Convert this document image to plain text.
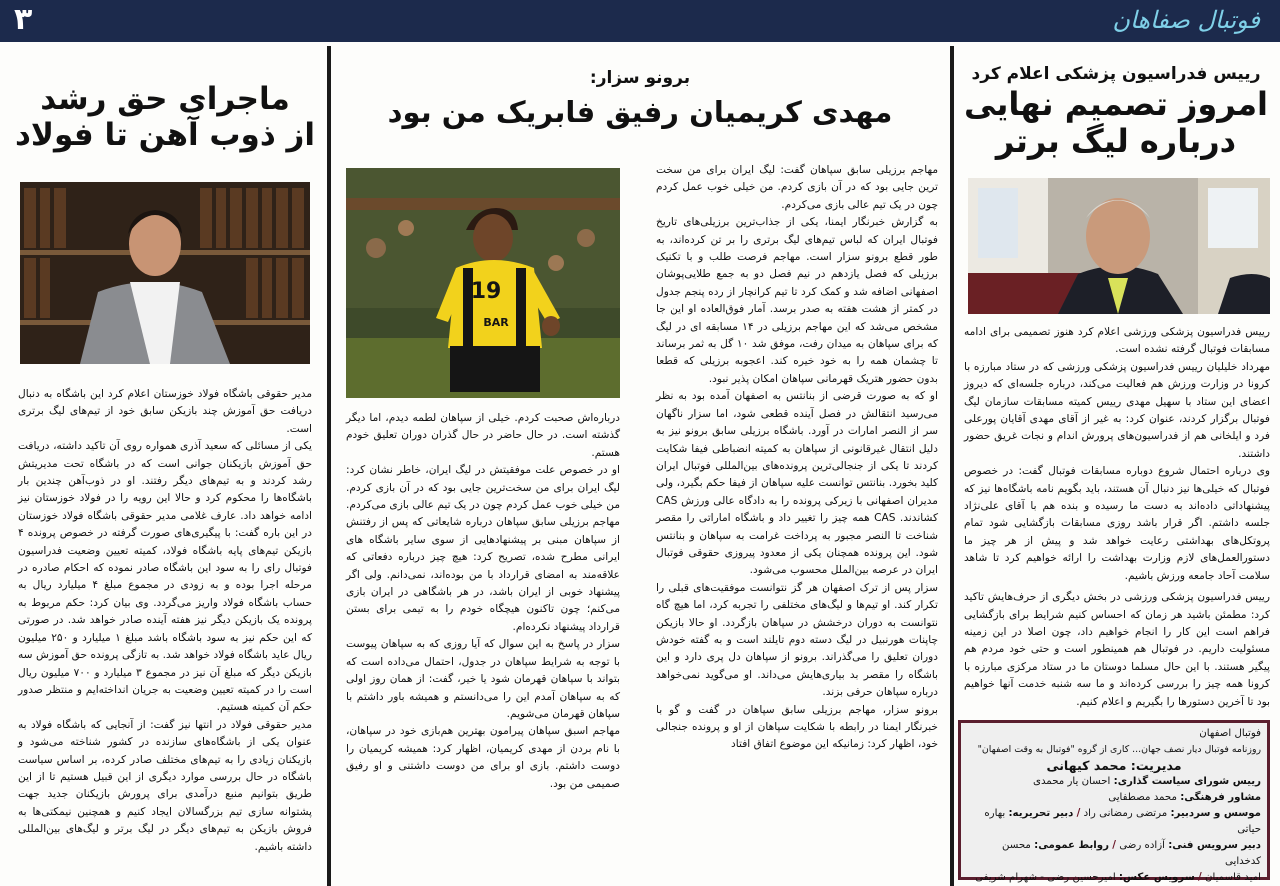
۳	فوتبال صفاهان
رییس فدراسیون پزشکی اعلام کرد
امروز تصمیم نهایی
درباره لیگ برتر

رییس فدراسیون پزشکی ورزشی اعلام کرد هنوز تصمیمی برای ادامه مسابقات فوتبال گرفته نشده است.

مهرداد خلیلیان رییس فدراسیون پزشکی ورزشی که در ستاد مبارزه با کرونا در وزارت ورزش هم فعالیت می‌کند، درباره جلسه‌ای که دیروز اعضای این ستاد با سهیل مهدی رییس کمیته مسابقات سازمان لیگ فوتبال برگزار کردند، عنوان کرد: به غیر از آقای مهدی آقایان پورعلی فرد و ایلخانی هم از فدراسیون‌های پرورش اندام و نجات غریق حضور داشتند.

وی درباره احتمال شروع دوباره مسابقات فوتبال گفت: در خصوص فوتبال که خیلی‌ها نیز دنبال آن هستند، باید بگویم نامه باشگاه‌ها نیز که پیشنهاداتی داده‌اند به دست ما رسیده و بنده هم با آقای علی‌نژاد جلسه داشتم. اگر قرار باشد روزی مسابقات بازگشایی شود تمام پروتکل‌های بهداشتی رعایت خواهد شد و پیش از هر چیز ما دستورالعمل‌های لازم وزارت بهداشت را ارائه خواهیم کرد تا شاهد سلامت آحاد جامعه ورزش باشیم.

رییس فدراسیون پزشکی ورزشی در بخش دیگری از حرف‌هایش تاکید کرد: مطمئن باشید هر زمان که احساس کنیم شرایط برای بازگشایی فراهم است این کار را انجام خواهیم داد، چون اصلا در این زمینه مسئولیت داریم. در فوتبال هم همینطور است و حتی خود مردم هم پیگیر هستند. با این حال مسلما دوستان ما در ستاد مرکزی مبارزه با کرونا همه چیز را بررسی کرده‌اند و ما سه شنبه خدمت آنها خواهیم بود تا آخرین دستورها را بگیریم و اعلام کنیم.

فوتبال اصفهان
روزنامه فوتبال دیار نصف جهان... کاری از گروه "فوتبال به وقت اصفهان"
مدیریت: محمد کیهانی
رییس شورای سیاست گذاری: احسان یار محمدی
مشاور فرهنگی: محمد مصطفایی
موسس و سردبیر: مرتضی رمضانی راد / دبیر تحریریه: بهاره حیاتی
دبیر سرویس فنی: آزاده رضی / روابط عمومی: محسن کدخدایی
امید قاسمیان / سرویس عکس: امیرحسین رضی - شهرام شریفی
برونو سزار:
مهدی کریمیان رفیق فابریک من بود

مهاجم برزیلی سابق سپاهان گفت: لیگ ایران برای من سخت ترین جایی بود که در آن بازی کردم. من خیلی خوب عمل کردم چون در یک تیم عالی بازی می‌کردم.

به گزارش خبرنگار ایمنا، یکی از جذاب‌ترین برزیلی‌های تاریخ فوتبال ایران که لباس تیم‌های لیگ برتری را بر تن کرده‌اند، به طور قطع برونو سزار است. مهاجم فرصت طلب و با تکنیک برزیلی که فصل یازدهم در نیم فصل دو به جمع طلایی‌پوشان اصفهانی اضافه شد و کمک کرد تا تیم کرانچار از رده پنجم جدول در کمتر از هشت هفته به صدر برسد. آمار فوق‌العاده او این جا مشخص می‌شد که این مهاجم برزیلی در ۱۴ مسابقه ای در لیگ که برای سپاهان به میدان رفت، موفق شد ۱۰ گل به ثمر برساند تا چشمان همه را به خود خیره کند. اعجوبه برزیلی که قطعا بدون حضور هتریک قهرمانی سپاهان امکان پذیر نبود.

او که به صورت قرضی از بنانتس به اصفهان آمده بود به نظر می‌رسید انتقالش در فصل آینده قطعی شود، اما سزار ناگهان سر از النصر امارات در آورد. باشگاه برزیلی سابق برونو نیز به دلیل انتقال غیرقانونی از سپاهان به کمیته انضباطی فیفا شکایت کردند تا یکی از جنجالی‌ترین پرونده‌های بین‌المللی فوتبال ایران کلید بخورد. بنانتس توانست علیه سپاهان از فیفا حکم بگیرد، ولی مدیران اصفهانی با زیرکی پرونده را به دادگاه عالی ورزش CAS کشاندند. CAS همه چیز را تغییر داد و باشگاه اماراتی را مقصر شناخت تا النصر مجبور به پرداخت غرامت به سپاهان و بنانتس شود. این پرونده همچنان یکی از معدود پیروزی حقوقی فوتبال ایران در عرصه بین‌الملل محسوب می‌شود.

سزار پس از ترک اصفهان هر گز نتوانست موفقیت‌های قبلی را تکرار کند. او تیم‌ها و لیگ‌های مختلفی را تجربه کرد، اما هیچ گاه نتوانست به دوران درخشش در سپاهان بازگردد. او حالا بازیکن چاپنات هورنبیل در لیگ دسته دوم تایلند است و به گفته خودش دوران تعلیق را می‌گذراند. برونو از سپاهان دل پری دارد و این باشگاه را مقصر بد بیاری‌هایش می‌داند. او می‌گوید نمی‌خواهد درباره سپاهان حرفی بزند.

برونو سزار، مهاجم برزیلی سابق سپاهان در گفت و گو با خبرنگار ایمنا در رابطه با شکایت سپاهان از او و پرونده جنجالی خود، اظهار کرد: زمانیکه این موضوع اتفاق افتاد

19
BAR

درباره‌اش صحبت کردم. خیلی از سپاهان لطمه دیدم، اما دیگر گذشته است. در حال حاضر در حال گذران دوران تعلیق خودم هستم.

او در خصوص علت موفقیتش در لیگ ایران، خاطر نشان کرد: لیگ ایران برای من سخت‌ترین جایی بود که در آن بازی کردم. من خیلی خوب عمل کردم چون در یک تیم عالی بازی می‌کردم.

مهاجم برزیلی سابق سپاهان درباره شایعاتی که پس از رفتنش از سپاهان مبنی بر پیشنهادهایی از سوی سایر باشگاه های ایرانی مطرح شده، تصریح کرد: هیچ چیز درباره دفعاتی که علاقه‌مند به امضای قرارداد با من بوده‌اند، نمی‌دانم. ولی اگر پیشنهاد خوبی از ایران باشد، در هر باشگاهی در ایران بازی می‌کنم؛ چون تاکنون هیچگاه خودم را به تیمی برای بستن قرارداد پیشنهاد نکرده‌ام.

سزار در پاسخ به این سوال که آیا روزی که به سپاهان پیوست با توجه به شرایط سپاهان در جدول، احتمال می‌داده است که بتواند با سپاهان قهرمان شود یا خیر، گفت: از همان روز اولی که به سپاهان آمدم این را می‌دانستم و همیشه باور داشتم با سپاهان قهرمان می‌شویم.

مهاجم اسبق سپاهان پیرامون بهترین هم‌بازی خود در سپاهان، با نام بردن از مهدی کریمیان، اظهار کرد: همیشه کریمیان را دوست داشتم. بازی او برای من دوست داشتنی و او رفیق صمیمی من بود.

ماجرای حق رشد
از ذوب آهن تا فولاد

مدیر حقوقی باشگاه فولاد خوزستان اعلام کرد این باشگاه به دنبال دریافت حق آموزش چند بازیکن سابق خود از تیم‌های لیگ برتری است.

یکی از مسائلی که سعید آذری همواره روی آن تاکید داشته، دریافت حق آموزش بازیکنان جوانی است که در باشگاه تحت مدیریتش رشد کردند و به تیم‌های دیگر رفتند. او در ذوب‌آهن چندین بار باشگاه‌ها را محکوم کرد و حالا این رویه را در فولاد خوزستان نیز ادامه خواهد داد. عارف غلامی مدیر حقوقی باشگاه فولاد خوزستان در این باره گفت: با پیگیری‌های صورت گرفته در خصوص پرونده ۴ بازیکن تیم‌های پایه باشگاه فولاد، کمیته تعیین وضعیت فدراسیون فوتبال رای را به سود این باشگاه صادر نموده که احکام صادره در مرحله اجرا بوده و به زودی در مجموع مبلغ ۴ میلیارد ریال به حساب باشگاه فولاد واریز می‌گردد. وی بیان کرد: حکم مربوط به پرونده یک بازیکن دیگر نیز هفته آینده صادر خواهد شد. در صورتی که این حکم نیز به سود باشگاه باشد مبلغ ۱ میلیارد و ۲۵۰ میلیون ریال عاید باشگاه فولاد خواهد شد. به تازگی پرونده حق آموزش سه بازیکن دیگر که مبلغ آن نیز در مجموع ۳ میلیارد و ۷۰۰ میلیون ریال است را در کمیته تعیین وضعیت به جریان انداخته‌ایم و منتظر صدور حکم آن کمیته هستیم.

مدیر حقوقی فولاد در انتها نیز گفت: از آنجایی که باشگاه فولاد به عنوان یکی از باشگاه‌های سازنده در کشور شناخته می‌شود و بازیکنان زیادی را به تیم‌های مختلف صادر کرده، بر اساس سیاست باشگاه در حال بررسی موارد دیگری از این قبیل هستیم تا از این طریق بتوانیم منبع درآمدی برای پرورش بازیکنان جدید جهت پشتوانه سازی تیم بزرگسالان ایجاد کنیم و همچنین نیمکتی‌ها به فروش بازیکن به تیم‌های دیگر در لیگ برتر و لیگ‌های بین‌المللی داشته باشیم.
